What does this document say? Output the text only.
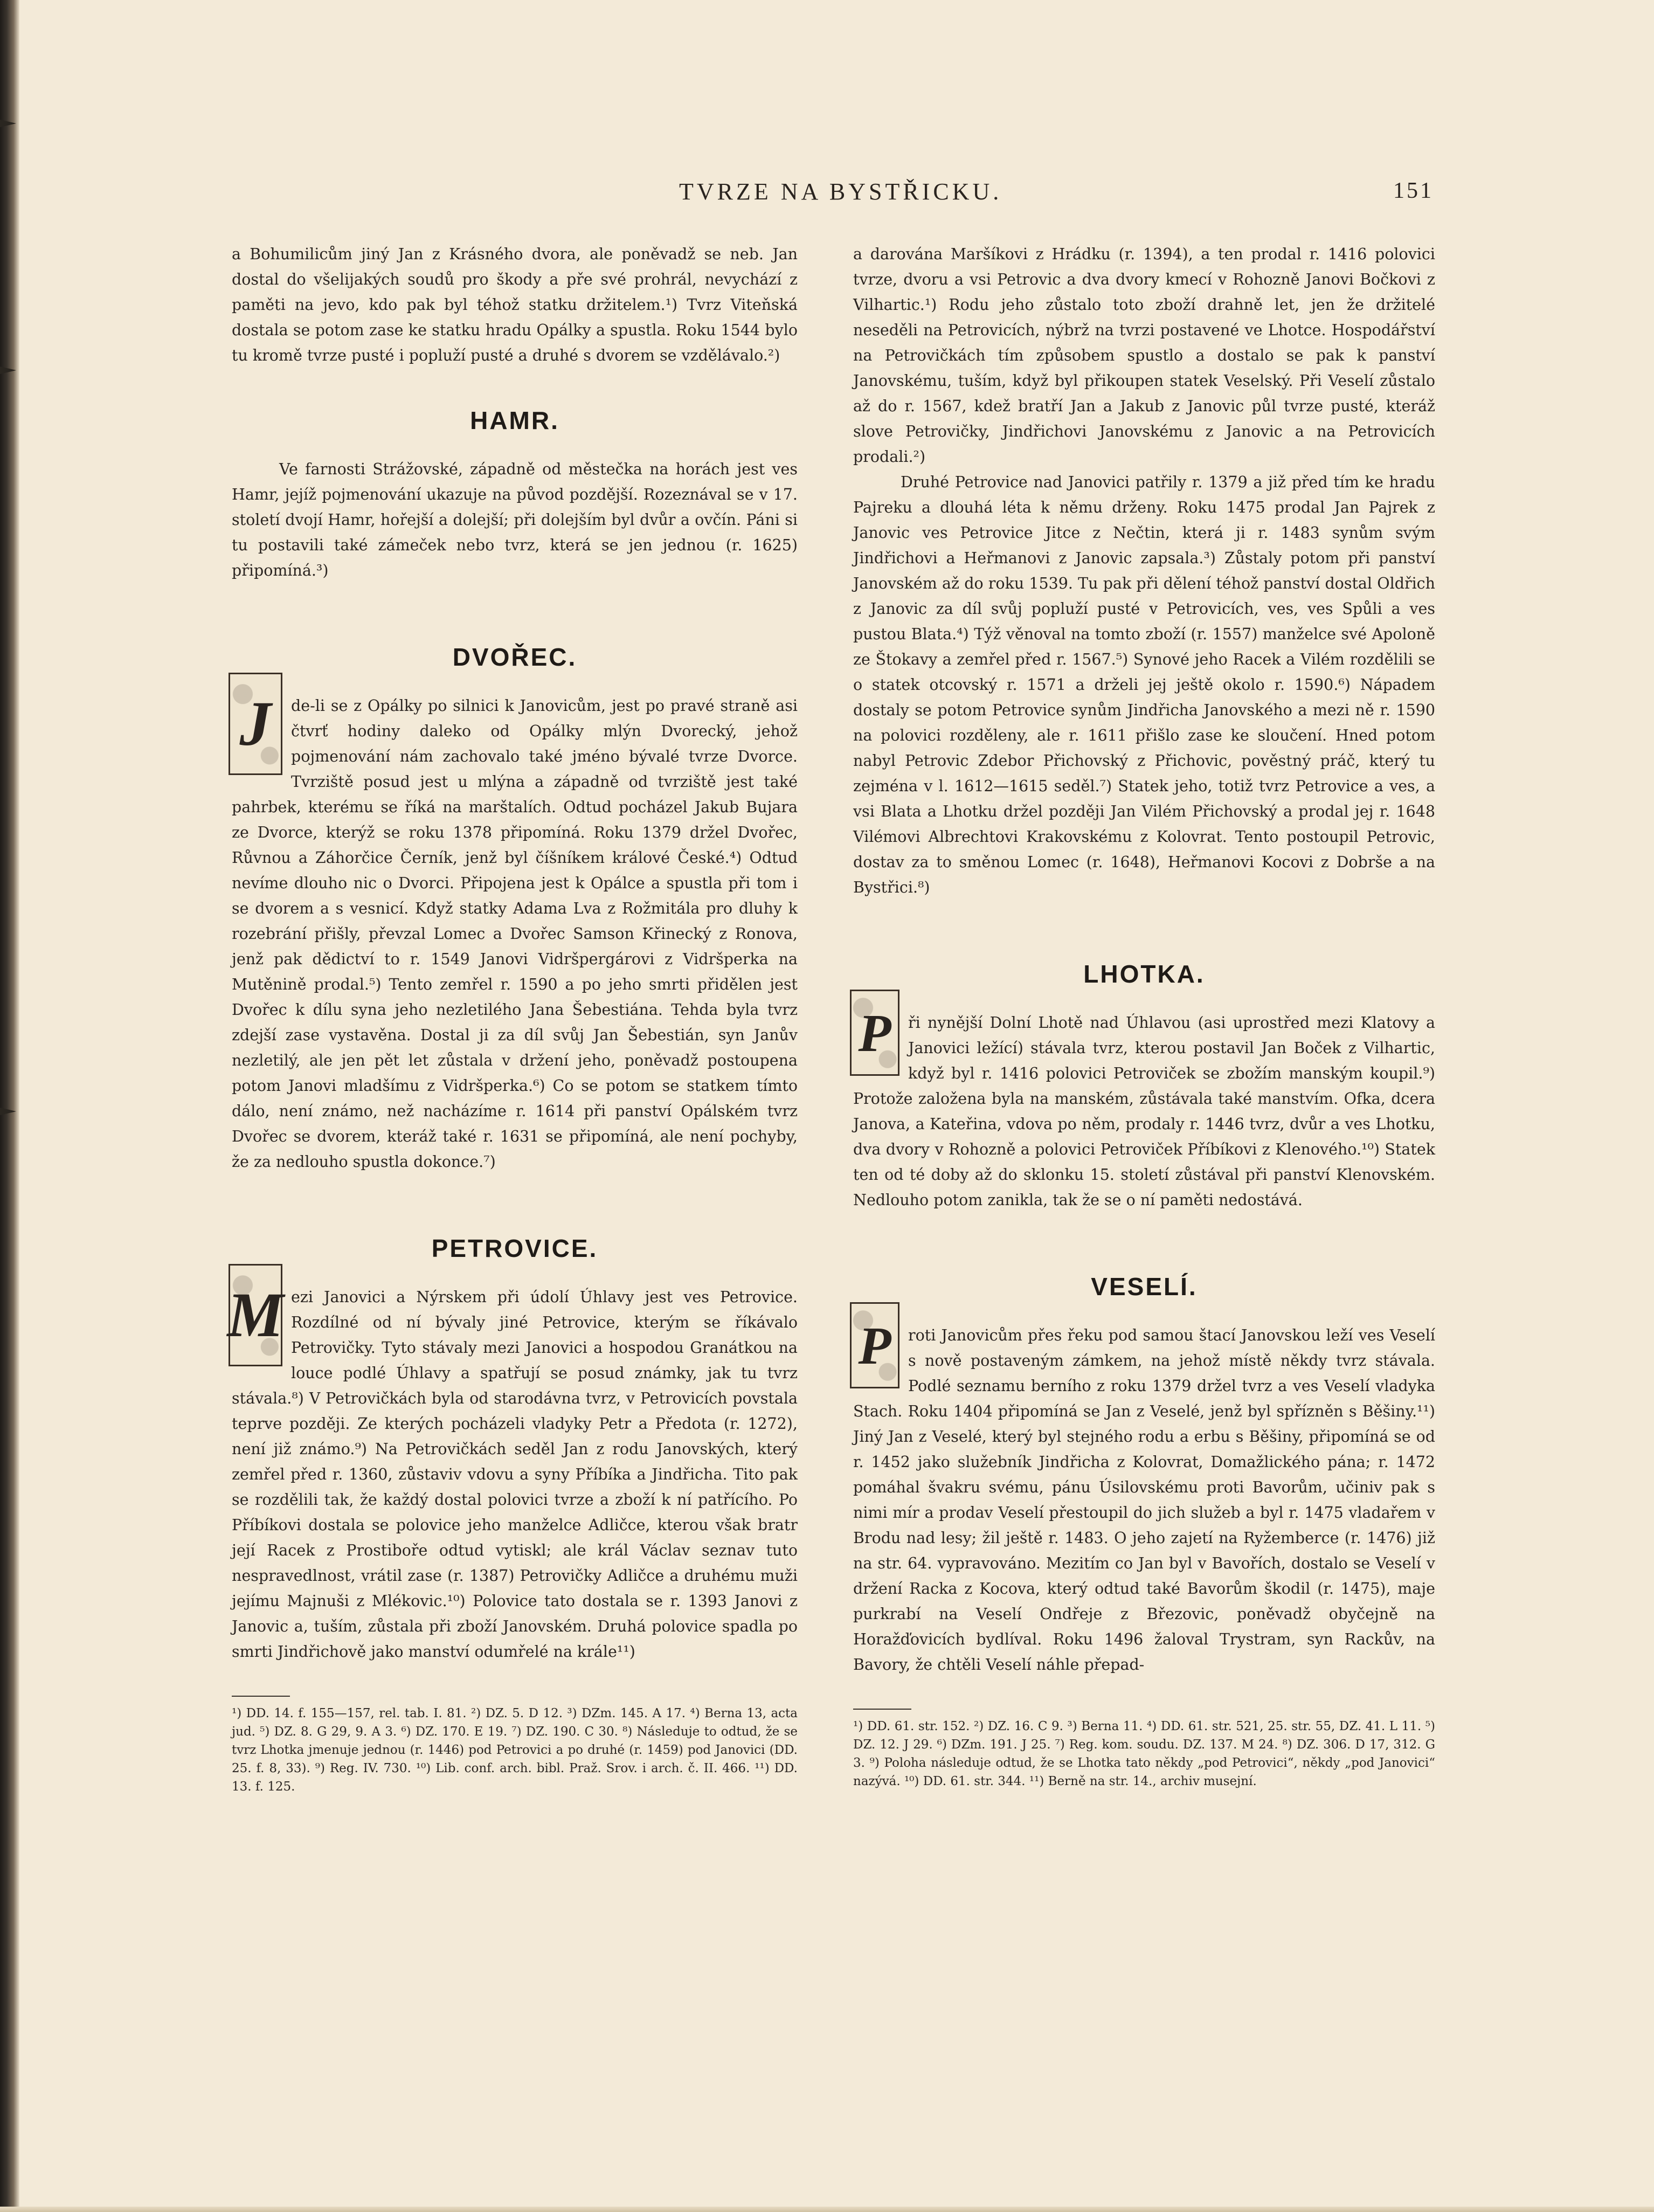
TVRZE NA BYSTŘICKU.	151

a Bohumilicům jiný Jan z Krásného dvora, ale poněvadž se neb. Jan dostal do všelijakých soudů pro škody a pře své prohrál, nevychází z paměti na jevo, kdo pak byl téhož statku držitelem.¹) Tvrz Viteňská dostala se potom zase ke statku hradu Opálky a spustla. Roku 1544 bylo tu kromě tvrze pusté i popluží pusté a druhé s dvorem se vzdělávalo.²)

HAMR.

Ve farnosti Strážovské, západně od městečka na horách jest ves Hamr, jejíž pojmenování ukazuje na původ pozdější. Rozeznával se v 17. století dvojí Hamr, hořejší a dolejší; při dolejším byl dvůr a ovčín. Páni si tu postavili také zámeček nebo tvrz, která se jen jednou (r. 1625) připomíná.³)

DVOŘEC.
J	de-li se z Opálky po silnici k Janovicům, jest po pravé straně asi čtvrť hodiny daleko od Opálky mlýn Dvorecký, jehož pojmenování nám zachovalo také jméno bývalé tvrze Dvorce. Tvrziště posud jest u mlýna a západně od tvrziště jest také pahrbek, kterému se říká na marštalích. Odtud pocházel Jakub Bujara ze Dvorce, kterýž se roku 1378 připomíná. Roku 1379 držel Dvořec, Růvnou a Záhorčice Černík, jenž byl číšníkem králové České.⁴) Odtud nevíme dlouho nic o Dvorci. Připojena jest k Opálce a spustla při tom i se dvorem a s vesnicí. Když statky Adama Lva z Rožmitála pro dluhy k rozebrání přišly, převzal Lomec a Dvořec Samson Křinecký z Ronova, jenž pak dědictví to r. 1549 Janovi Vidršpergárovi z Vidršperka na Mutěnině prodal.⁵) Tento zemřel r. 1590 a po jeho smrti přidělen jest Dvořec k dílu syna jeho nezletilého Jana Šebestiána. Tehda byla tvrz zdejší zase vystavěna. Dostal ji za díl svůj Jan Šebestián, syn Janův nezletilý, ale jen pět let zůstala v držení jeho, poněvadž postoupena potom Janovi mladšímu z Vidršperka.⁶) Co se potom se statkem tímto dálo, není známo, než nacházíme r. 1614 při panství Opálském tvrz Dvořec se dvorem, kteráž také r. 1631 se připomíná, ale není pochyby, že za nedlouho spustla dokonce.⁷)

PETROVICE.
M ezi Janovici a Nýrskem při údolí Úhlavy jest ves Petrovice. Rozdílné od ní bývaly jiné Petrovice, kterým se říkávalo Petrovičky. Tyto stávaly mezi Janovici a hospodou Granátkou na louce podlé Úhlavy a spatřují se posud známky, jak tu tvrz stávala.⁸) V Petrovičkách byla od starodávna tvrz, v Petrovicích povstala teprve později. Ze kterých pocházeli vladyky Petr a Předota (r. 1272), není již známo.⁹) Na Petrovičkách seděl Jan z rodu Janovských, který zemřel před r. 1360, zůstaviv vdovu a syny Příbíka a Jindřicha. Tito pak se rozdělili tak, že každý dostal polovici tvrze a zboží k ní patřícího. Po Příbíkovi dostala se polovice jeho manželce Adličce, kterou však bratr její Racek z Prostiboře odtud vytiskl; ale král Václav seznav tuto nespravedlnost, vrátil zase (r. 1387) Petrovičky Adličce a druhému muži jejímu Majnuši z Mlékovic.¹⁰) Polovice tato dostala se r. 1393 Janovi z Janovic a, tuším, zůstala při zboží Janovském. Druhá polovice spadla po smrti Jindřichově jako manství odumřelé na krále¹¹)

¹) DD. 14. f. 155—157, rel. tab. I. 81. ²) DZ. 5. D 12. ³) DZm. 145. A 17. ⁴) Berna 13, acta jud. ⁵) DZ. 8. G 29, 9. A 3. ⁶) DZ. 170. E 19. ⁷) DZ. 190. C 30. ⁸) Následuje to odtud, že se tvrz Lhotka jmenuje jednou (r. 1446) pod Petrovici a po druhé (r. 1459) pod Janovici (DD. 25. f. 8, 33). ⁹) Reg. IV. 730. ¹⁰) Lib. conf. arch. bibl. Praž. Srov. i arch. č. II. 466. ¹¹) DD. 13. f. 125.

a darována Maršíkovi z Hrádku (r. 1394), a ten prodal r. 1416 polovici tvrze, dvoru a vsi Petrovic a dva dvory kmecí v Rohozně Janovi Bočkovi z Vilhartic.¹) Rodu jeho zůstalo toto zboží drahně let, jen že držitelé neseděli na Petrovicích, nýbrž na tvrzi postavené ve Lhotce. Hospodářství na Petrovičkách tím způsobem spustlo a dostalo se pak k panství Janovskému, tuším, když byl přikoupen statek Veselský. Při Veselí zůstalo až do r. 1567, kdež bratří Jan a Jakub z Janovic půl tvrze pusté, kteráž slove Petrovičky, Jindřichovi Janovskému z Janovic a na Petrovicích prodali.²)

Druhé Petrovice nad Janovici patřily r. 1379 a již před tím ke hradu Pajreku a dlouhá léta k němu drženy. Roku 1475 prodal Jan Pajrek z Janovic ves Petrovice Jitce z Nečtin, která ji r. 1483 synům svým Jindřichovi a Heřmanovi z Janovic zapsala.³) Zůstaly potom při panství Janovském až do roku 1539. Tu pak při dělení téhož panství dostal Oldřich z Janovic za díl svůj popluží pusté v Petrovicích, ves, ves Spůli a ves pustou Blata.⁴) Týž věnoval na tomto zboží (r. 1557) manželce své Apoloně ze Štokavy a zemřel před r. 1567.⁵) Synové jeho Racek a Vilém rozdělili se o statek otcovský r. 1571 a drželi jej ještě okolo r. 1590.⁶) Nápadem dostaly se potom Petrovice synům Jindřicha Janovského a mezi ně r. 1590 na polovici rozděleny, ale r. 1611 přišlo zase ke sloučení. Hned potom nabyl Petrovic Zdebor Přichovský z Přichovic, pověstný práč, který tu zejména v l. 1612—1615 seděl.⁷) Statek jeho, totiž tvrz Petrovice a ves, a vsi Blata a Lhotku držel později Jan Vilém Přichovský a prodal jej r. 1648 Vilémovi Albrechtovi Krakovskému z Kolovrat. Tento postoupil Petrovic, dostav za to směnou Lomec (r. 1648), Heřmanovi Kocovi z Dobrše a na Bystřici.⁸)

LHOTKA.
P	ři nynější Dolní Lhotě nad Úhlavou (asi uprostřed mezi Klatovy a Janovici ležící) stávala tvrz, kterou postavil Jan Boček z Vilhartic, když byl r. 1416 polovici Petroviček se zbožím manským koupil.⁹) Protože založena byla na manském, zůstávala také manstvím. Ofka, dcera Janova, a Kateřina, vdova po něm, prodaly r. 1446 tvrz, dvůr a ves Lhotku, dva dvory v Rohozně a polovici Petroviček Příbíkovi z Klenového.¹⁰) Statek ten od té doby až do sklonku 15. století zůstával při panství Klenovském. Nedlouho potom zanikla, tak že se o ní paměti nedostává.

VESELÍ.
P	roti Janovicům přes řeku pod samou štací Janovskou leží ves Veselí s nově postaveným zámkem, na jehož místě někdy tvrz stávala. Podlé seznamu berního z roku 1379 držel tvrz a ves Veselí vladyka Stach. Roku 1404 připomíná se Jan z Veselé, jenž byl spřízněn s Běšiny.¹¹) Jiný Jan z Veselé, který byl stejného rodu a erbu s Běšiny, připomíná se od r. 1452 jako služebník Jindřicha z Kolovrat, Domažlického pána; r. 1472 pomáhal švakru svému, pánu Úsilovskému proti Bavorům, učiniv pak s nimi mír a prodav Veselí přestoupil do jich služeb a byl r. 1475 vladařem v Brodu nad lesy; žil ještě r. 1483. O jeho zajetí na Ryžemberce (r. 1476) již na str. 64. vypravováno. Mezitím co Jan byl v Bavořích, dostalo se Veselí v držení Racka z Kocova, který odtud také Bavorům škodil (r. 1475), maje purkrabí na Veselí Ondřeje z Březovic, poněvadž obyčejně na Horažďovicích bydlíval. Roku 1496 žaloval Trystram, syn Rackův, na Bavory, že chtěli Veselí náhle přepad-

¹) DD. 61. str. 152. ²) DZ. 16. C 9. ³) Berna 11. ⁴) DD. 61. str. 521, 25. str. 55, DZ. 41. L 11. ⁵) DZ. 12. J 29. ⁶) DZm. 191. J 25. ⁷) Reg. kom. soudu. DZ. 137. M 24. ⁸) DZ. 306. D 17, 312. G 3. ⁹) Poloha následuje odtud, že se Lhotka tato někdy „pod Petrovici“, někdy „pod Janovici“ nazývá. ¹⁰) DD. 61. str. 344. ¹¹) Berně na str. 14., archiv musejní.
